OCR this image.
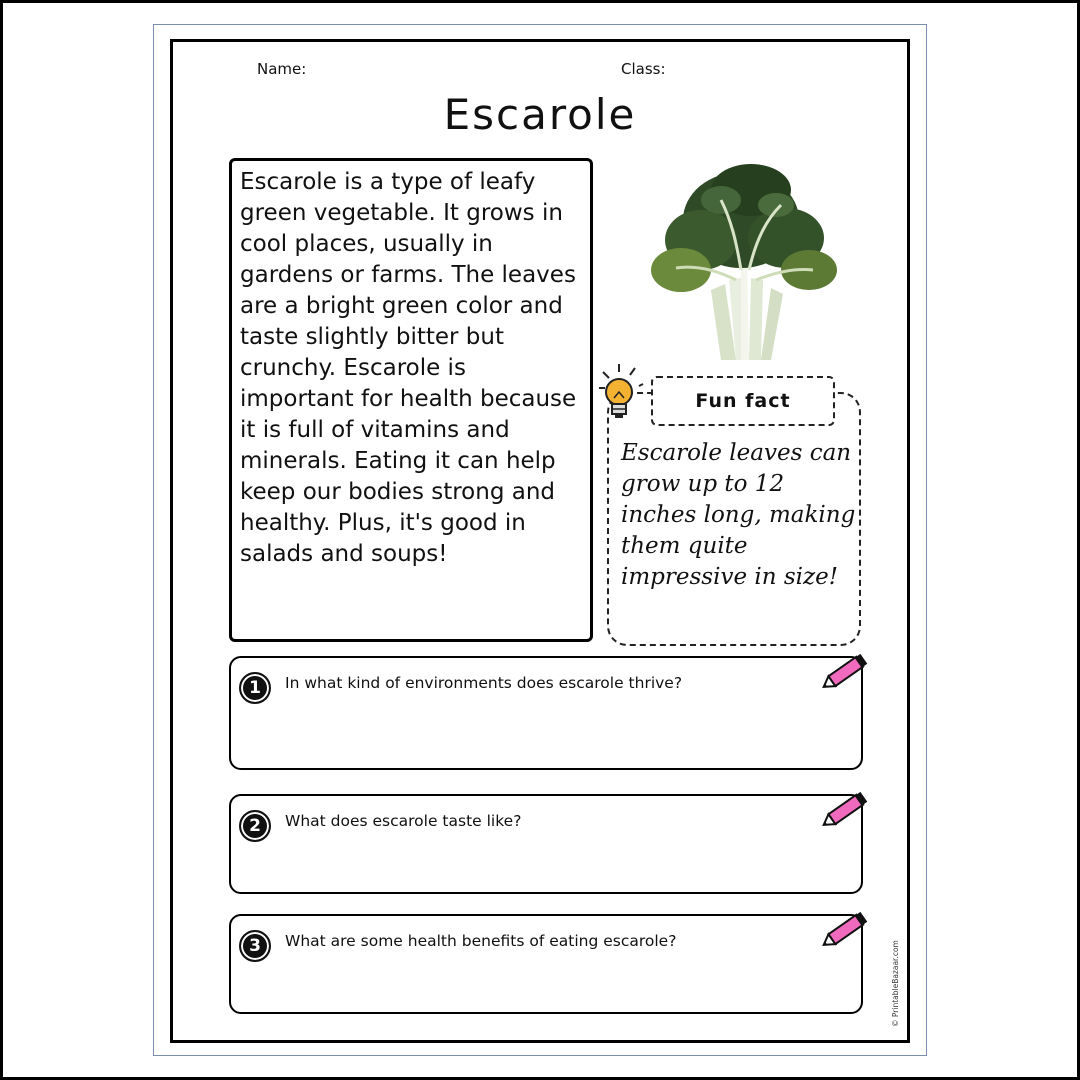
Name:	Class:
Escarole
Escarole is a type of leafy green vegetable. It grows in cool places, usually in gardens or farms. The leaves are a bright green color and taste slightly bitter but crunchy. Escarole is important for health because it is full of vitamins and minerals. Eating it can help keep our bodies strong and healthy. Plus, it's good in salads and soups!
Fun fact
Escarole leaves can grow up to 12 inches long, making them quite impressive in size!
1	In what kind of environments does escarole thrive?
2	What does escarole taste like?
3	What are some health benefits of eating escarole?	© PrintableBazaar.com
